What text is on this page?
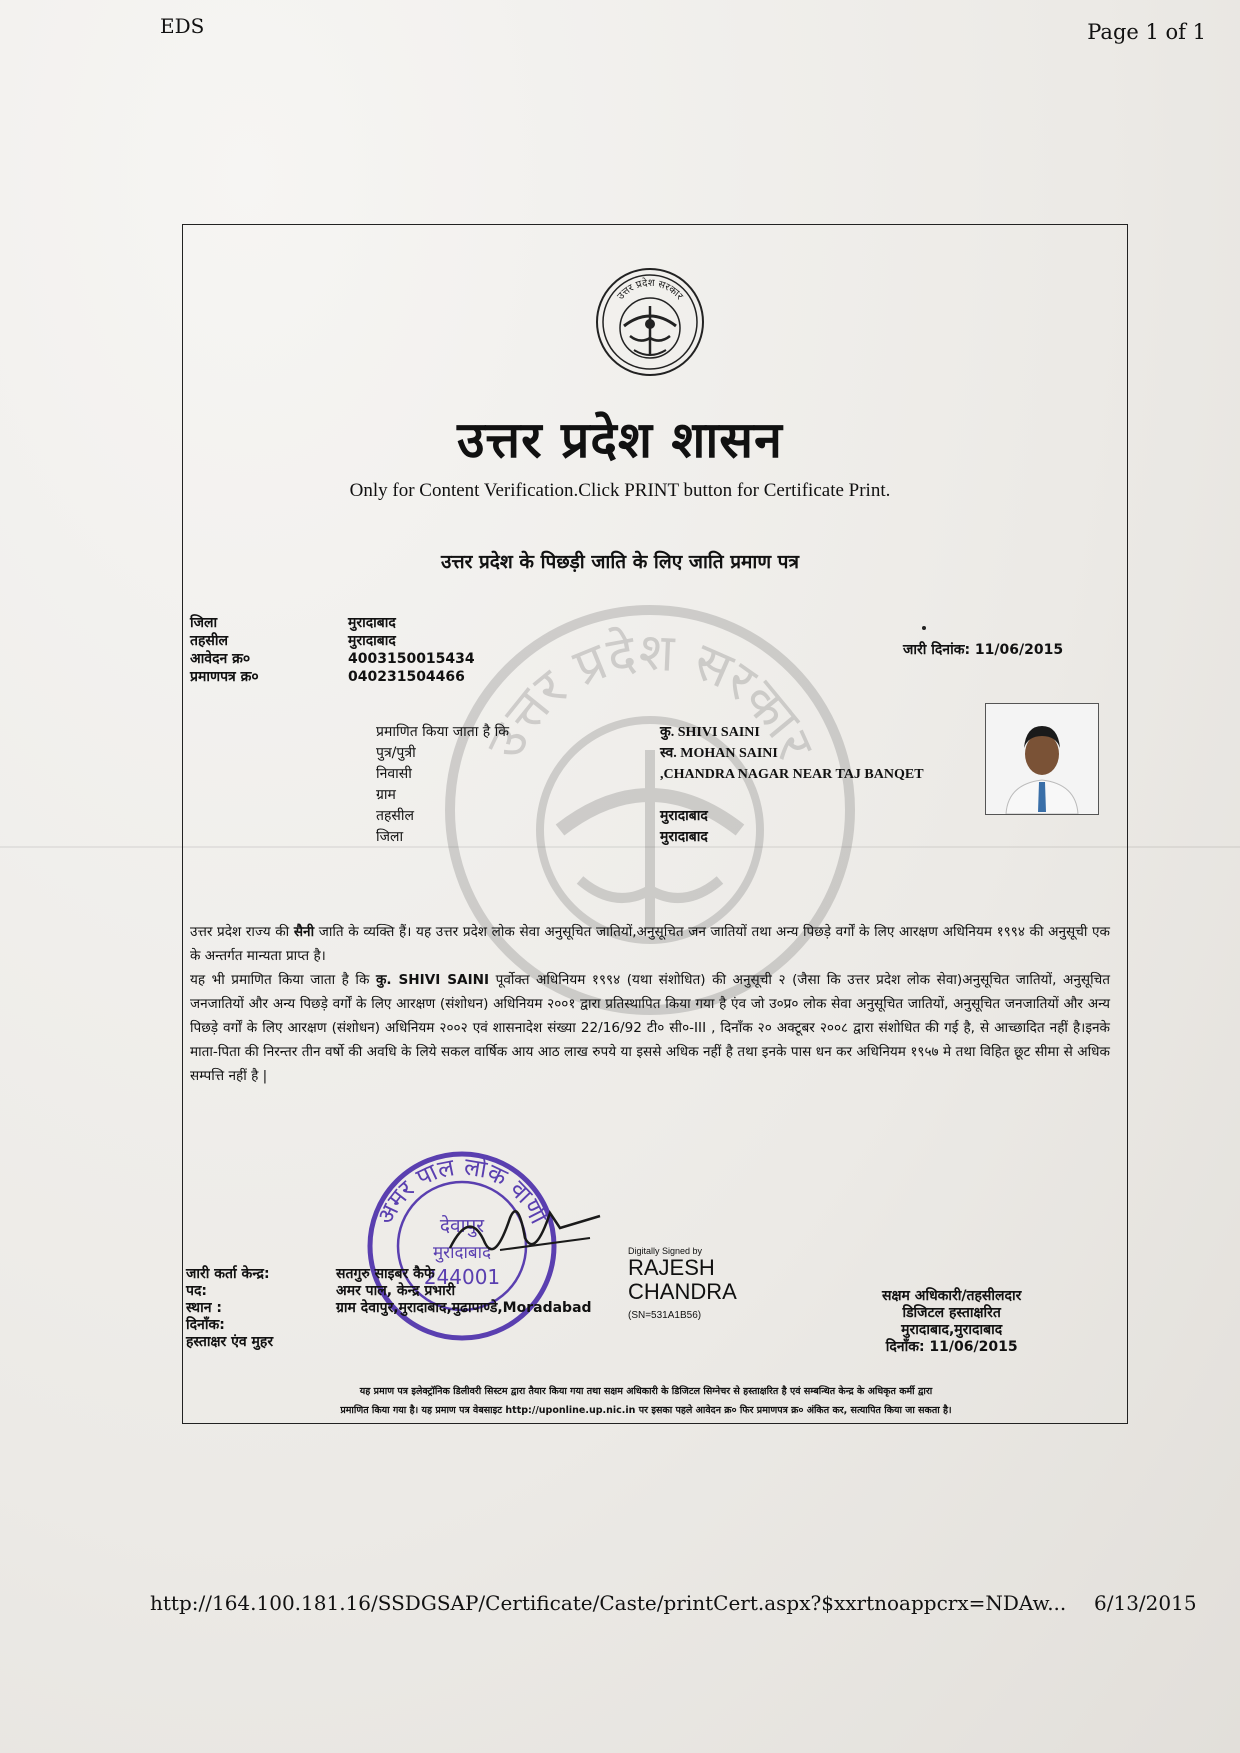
EDS	Page 1 of 1
उत्तर प्रदेश सरकार
उत्तर प्रदेश शासन
Only for Content Verification.Click PRINT button for Certificate Print.
उत्तर प्रदेश के पिछड़ी जाति के लिए जाति प्रमाण पत्र
उत्तर प्रदेश सरकार
जिला	मुरादाबाद
तहसील	मुरादाबाद
आवेदन क्र०	4003150015434
प्रमाणपत्र क्र०	040231504466
जारी दिनांक: 11/06/2015
प्रमाणित किया जाता है कि	कु. SHIVI SAINI
पुत्र/पुत्री	स्व. MOHAN SAINI
निवासी	,CHANDRA NAGAR NEAR TAJ BANQET
ग्राम
तहसील	मुरादाबाद
जिला	मुरादाबाद
उत्तर प्रदेश राज्य की सैनी जाति के व्यक्ति हैं। यह उत्तर प्रदेश लोक सेवा अनुसूचित जातियों,अनुसूचित जन जातियों तथा अन्य पिछड़े वर्गों के लिए आरक्षण अधिनियम १९९४ की अनुसूची एक के अन्तर्गत मान्यता प्राप्त है।
यह भी प्रमाणित किया जाता है कि कु. SHIVI SAINI पूर्वोक्त अधिनियम १९९४ (यथा संशोधित) की अनुसूची २ (जैसा कि उत्तर प्रदेश लोक सेवा)अनुसूचित जातियों, अनुसूचित जनजातियों और अन्य पिछड़े वर्गों के लिए आरक्षण (संशोधन) अधिनियम २००१ द्वारा प्रतिस्थापित किया गया है एंव जो उ०प्र० लोक सेवा अनुसूचित जातियों, अनुसूचित जनजातियों और अन्य पिछड़े वर्गों के लिए आरक्षण (संशोधन) अधिनियम २००२ एवं शासनादेश संख्या 22/16/92 टी० सी०-III , दिनॉंक २० अक्टूबर २००८ द्वारा संशोधित की गई है, से आच्छादित नहीं है।इनके माता-पिता की निरन्तर तीन वर्षो की अवधि के लिये सकल वार्षिक आय आठ लाख रुपये या इससे अधिक नहीं है तथा इनके पास धन कर अधिनियम १९५७ मे तथा विहित छूट सीमा से अधिक सम्पत्ति नहीं है |
अमर पाल लोक वाणी
देवापुर
मुरादाबाद
244001
जारी कर्ता केन्द्र:	सतगुरु साइबर कैफे
पद:	अमर पाल, केन्द्र प्रभारी
स्थान :	ग्राम देवापुर,मुरादाबाद,मुढापाण्डे,Moradabad
दिनॉंक:
हस्ताक्षर एंव मुहर
Digitally Signed by
RAJESH
CHANDRA
(SN=531A1B56)
सक्षम अधिकारी/तहसीलदार
डिजिटल हस्ताक्षरित
मुरादाबाद,मुरादाबाद
दिनॉंक: 11/06/2015
यह प्रमाण पत्र इलेक्ट्रॉनिक डिलीवरी सिस्टम द्वारा तैयार किया गया तथा सक्षम अधिकारी के डिजिटल सिग्नेचर से हस्ताक्षरित है एवं सम्बन्धित केन्द्र के अधिकृत कर्मी द्वारा
प्रमाणित किया गया है। यह प्रमाण पत्र वेबसाइट http://uponline.up.nic.in पर इसका पहले आवेदन क्र० फिर प्रमाणपत्र क्र० अंकित कर, सत्यापित किया जा सकता है।
http://164.100.181.16/SSDGSAP/Certificate/Caste/printCert.aspx?$xxrtnoappcrx=NDAw... 6/13/2015
